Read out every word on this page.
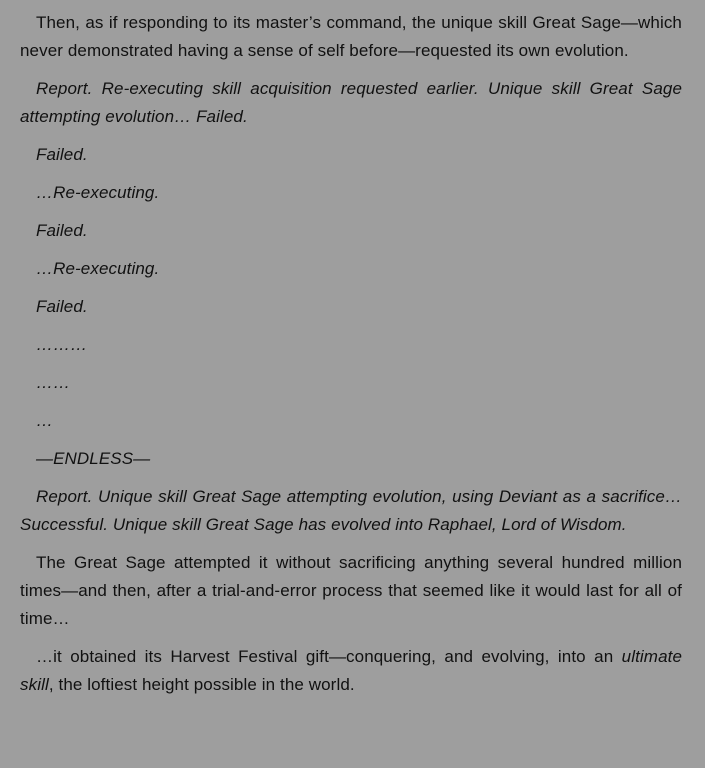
Then, as if responding to its master’s command, the unique skill Great Sage—which never demonstrated having a sense of self before—requested its own evolution.

Report. Re-executing skill acquisition requested earlier. Unique skill Great Sage attempting evolution… Failed.

Failed.

…Re-executing.

Failed.

…Re-executing.

Failed.

………

……

…

—ENDLESS—

Report. Unique skill Great Sage attempting evolution, using Deviant as a sacrifice… Successful. Unique skill Great Sage has evolved into Raphael, Lord of Wisdom.

The Great Sage attempted it without sacrificing anything several hundred million times—and then, after a trial-and-error process that seemed like it would last for all of time…

…it obtained its Harvest Festival gift—conquering, and evolving, into an ultimate skill, the loftiest height possible in the world.
